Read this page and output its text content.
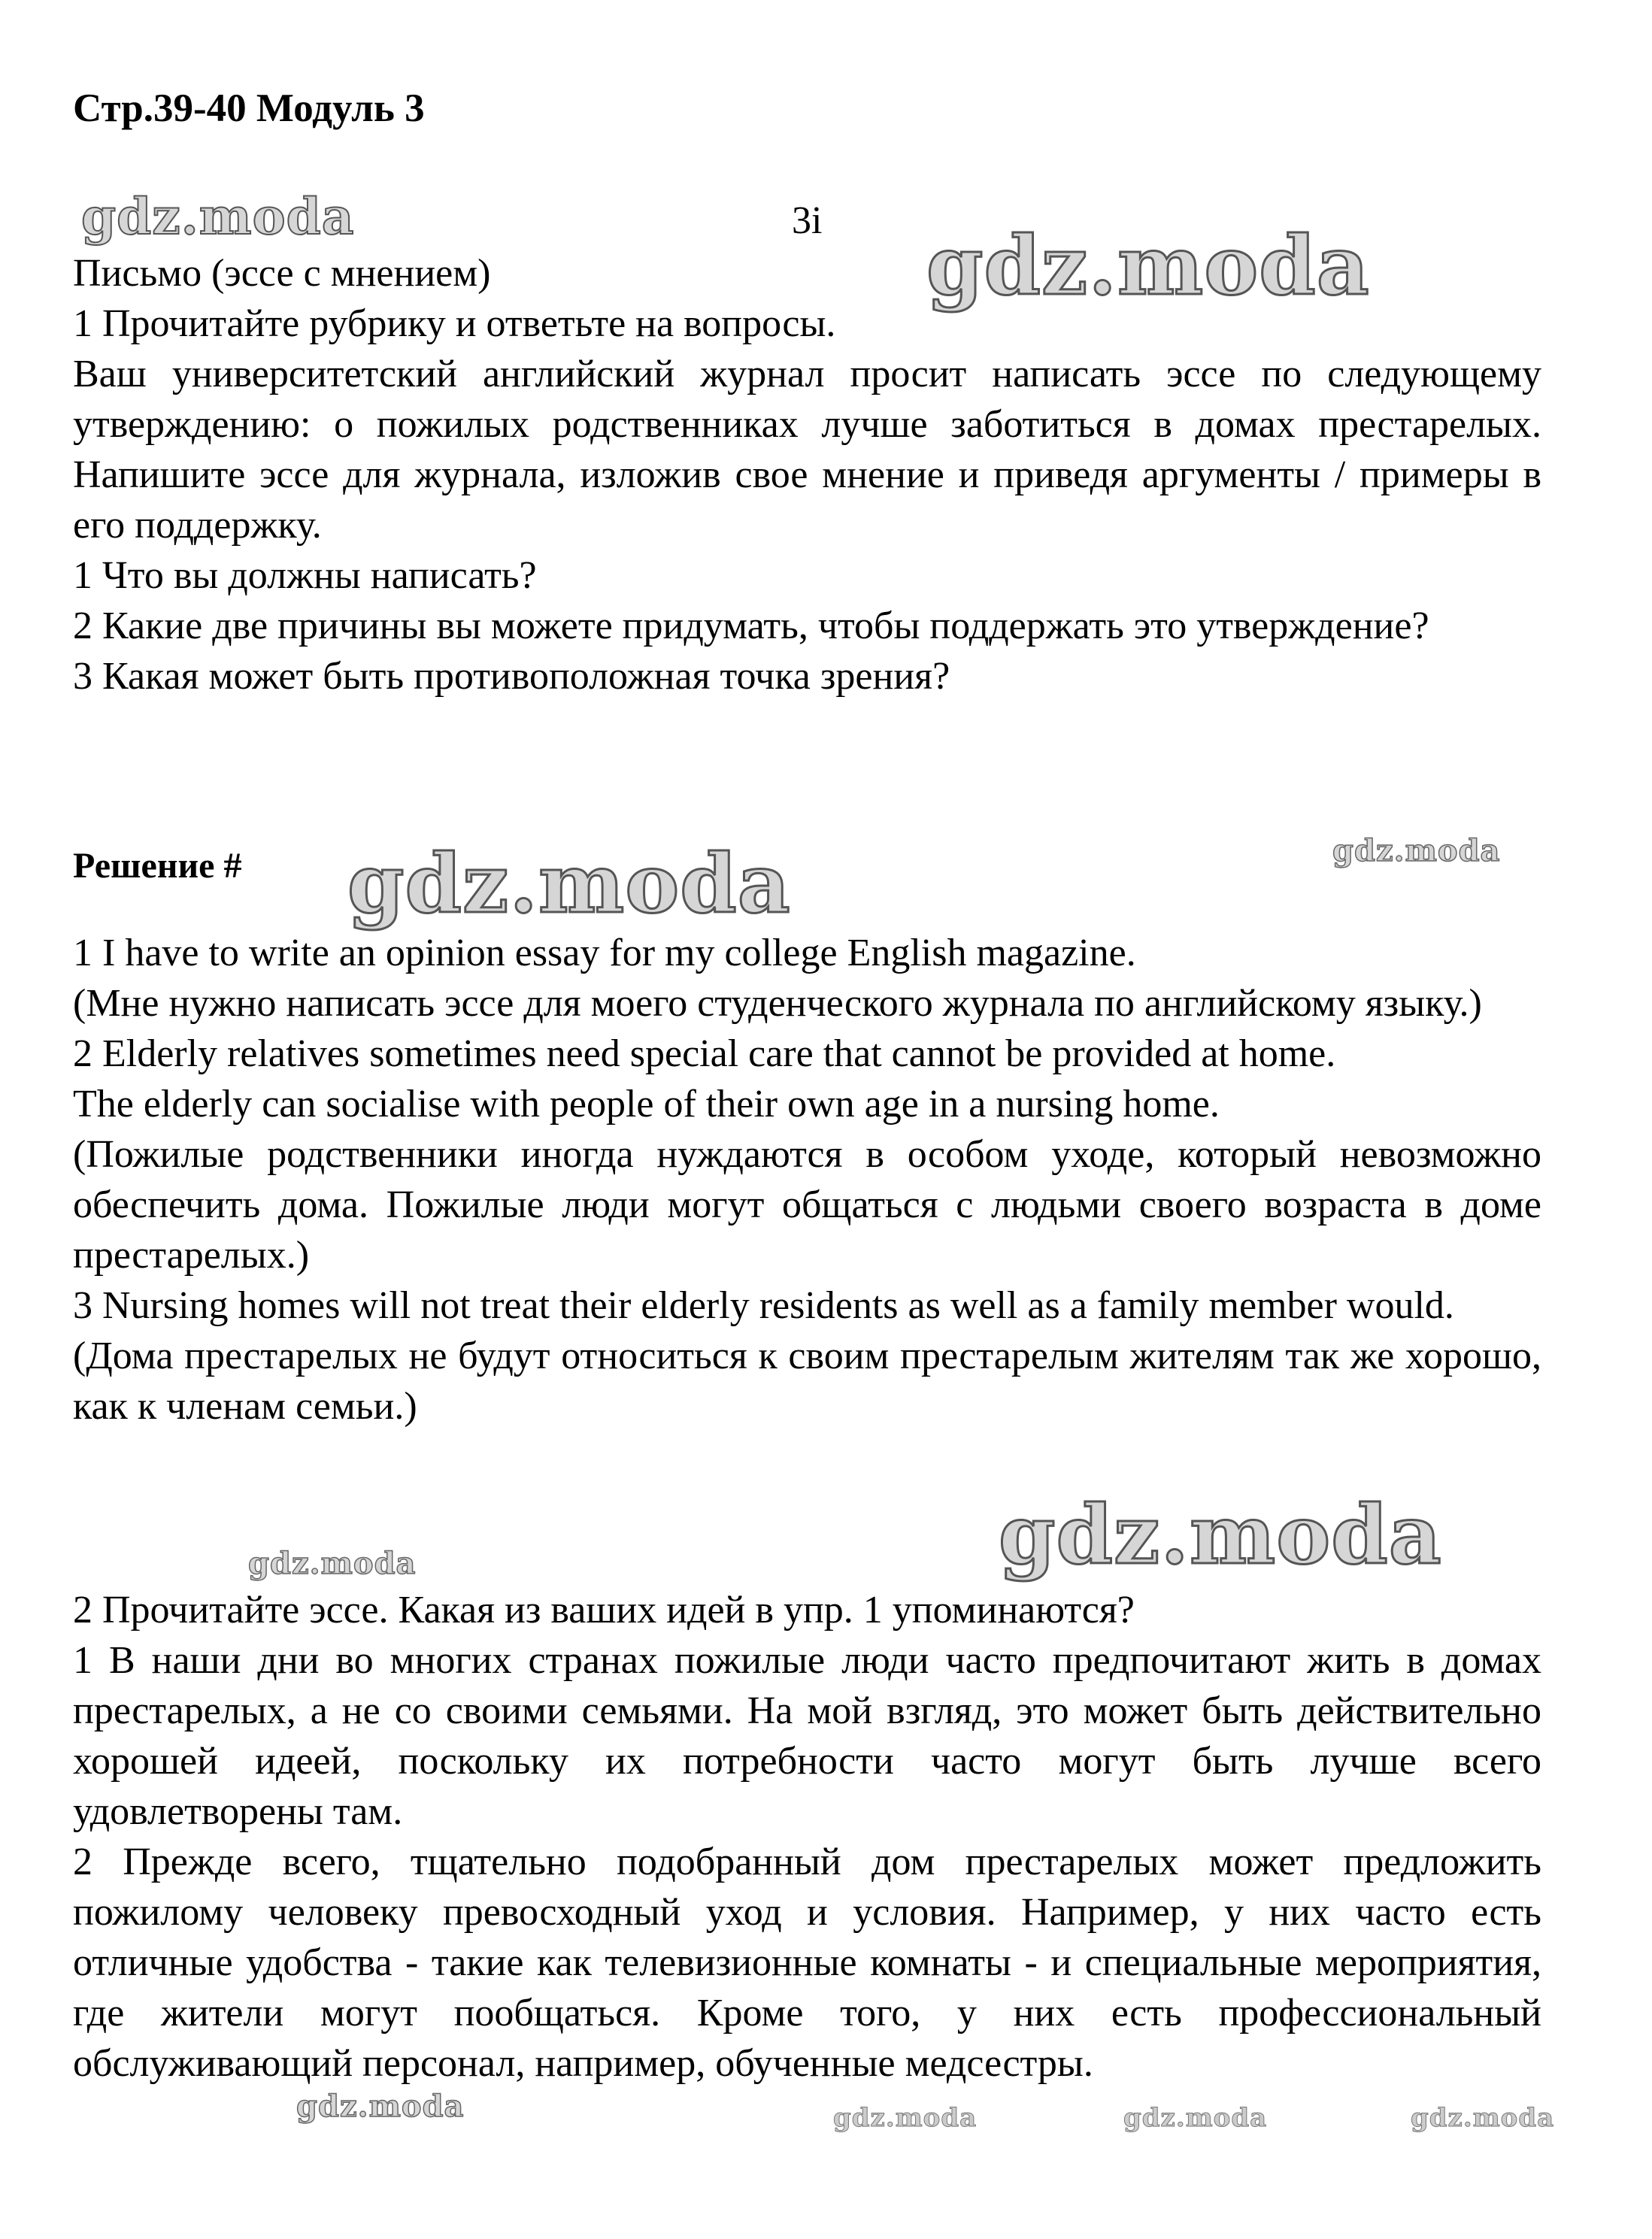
Стр.39-40 Модуль 3
3i

Письмо (эссе с мнением)

1 Прочитайте рубрику и ответьте на вопросы.

Ваш университетский английский журнал просит написать эссе по следующему утверждению: о пожилых родственниках лучше заботиться в домах престарелых. Напишите эссе для журнала, изложив свое мнение и приведя аргументы / примеры в его поддержку.

1 Что вы должны написать?

2 Какие две причины вы можете придумать, чтобы поддержать это утверждение?

3 Какая может быть противоположная точка зрения?

Решение #

1 I have to write an opinion essay for my college English magazine.

(Мне нужно написать эссе для моего студенческого журнала по английскому языку.)

2 Elderly relatives sometimes need special care that cannot be provided at home.

The elderly can socialise with people of their own age in a nursing home.

(Пожилые родственники иногда нуждаются в особом уходе, который невозможно обеспечить дома. Пожилые люди могут общаться с людьми своего возраста в доме престарелых.)

3 Nursing homes will not treat their elderly residents as well as a family member would.

(Дома престарелых не будут относиться к своим престарелым жителям так же хорошо, как к членам семьи.)

2 Прочитайте эссе. Какая из ваших идей в упр. 1 упоминаются?

1 В наши дни во многих странах пожилые люди часто предпочитают жить в домах престарелых, а не со своими семьями. На мой взгляд, это может быть действительно хорошей идеей, поскольку их потребности часто могут быть лучше всего удовлетворены там.

2 Прежде всего, тщательно подобранный дом престарелых может предложить пожилому человеку превосходный уход и условия. Например, у них часто есть отличные удобства - такие как телевизионные комнаты - и специальные мероприятия, где жители могут пообщаться. Кроме того, у них есть профессиональный обслуживающий персонал, например, обученные медсестры.

gdz.moda
gdz.moda
gdz.moda	gdz.moda
gdz.moda
gdz.moda
gdz.moda	gdz.moda	gdz.moda	gdz.moda
